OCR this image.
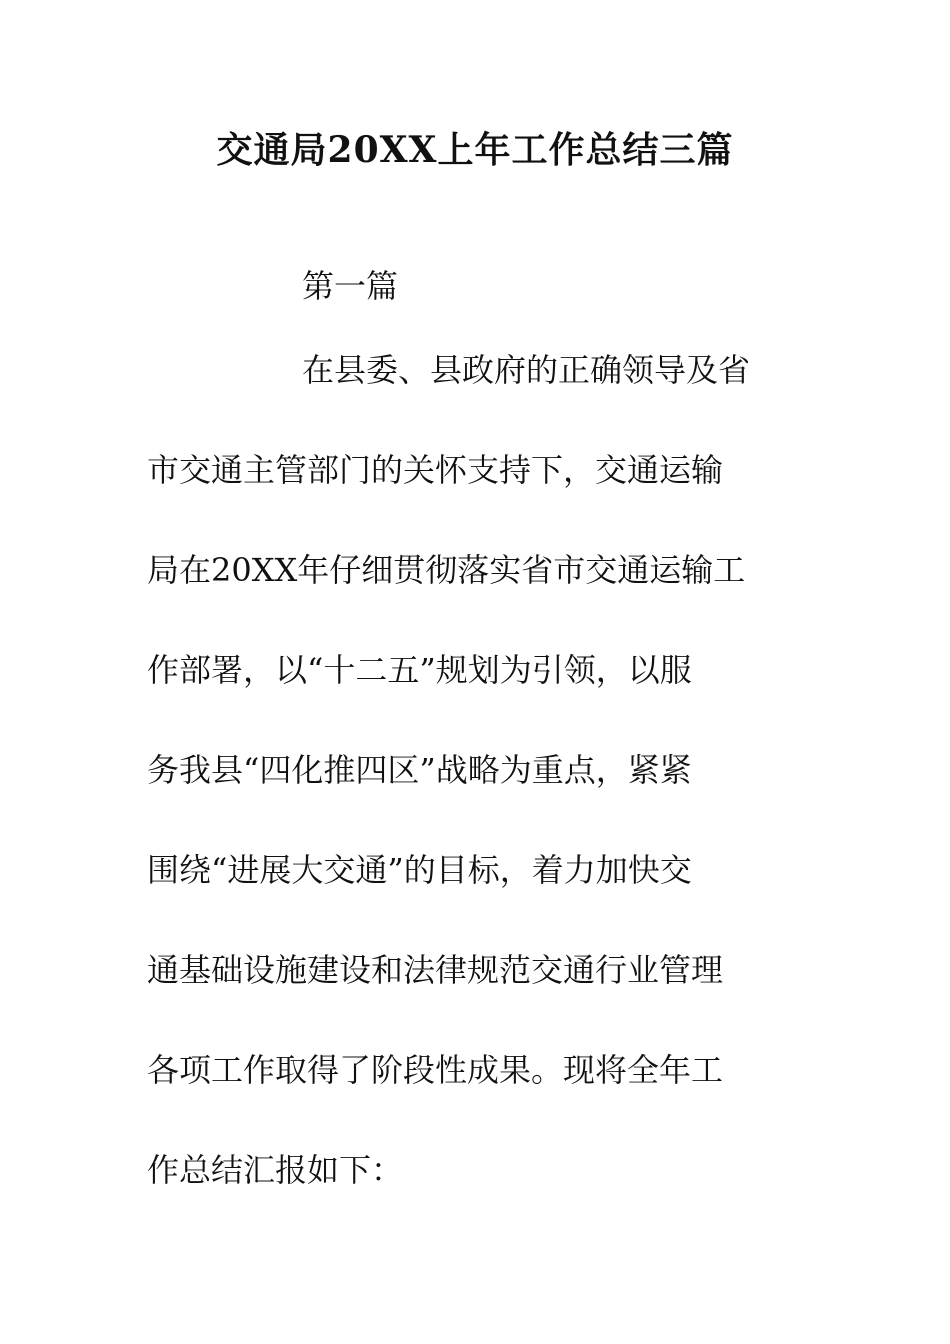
交通局20XX上年工作总结三篇
第一篇
在县委、县政府的正确领导及省
市交通主管部门的关怀支持下，交通运输
局在20XX年仔细贯彻落实省市交通运输工
作部署，以“十二五”规划为引领，以服
务我县“四化推四区”战略为重点，紧紧
围绕“进展大交通”的目标，着力加快交
通基础设施建设和法律规范交通行业管理
各项工作取得了阶段性成果。现将全年工
作总结汇报如下：
